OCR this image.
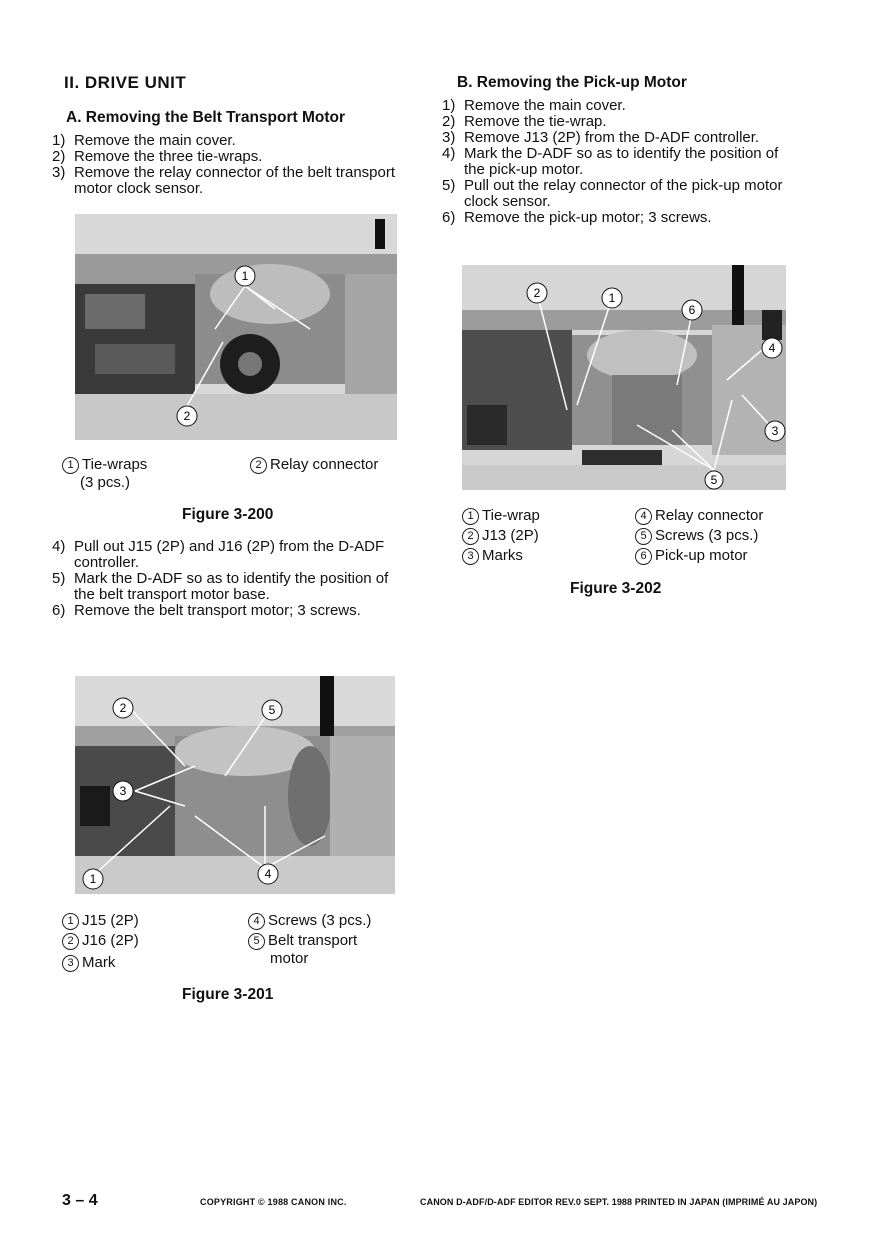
II. DRIVE UNIT
A. Removing the Belt Transport Motor
1) Remove the main cover.
2) Remove the three tie-wraps.
3) Remove the relay connector of the belt transport motor clock sensor.
1
2
1 Tie-wraps
(3 pcs.)
2 Relay connector
Figure 3-200
4) Pull out J15 (2P) and J16 (2P) from the D-ADF controller.
5) Mark the D-ADF so as to identify the position of the belt transport motor base.
6) Remove the belt transport motor; 3 screws.
2	5
3
1	4
1 J15 (2P)
2 J16 (2P)
3 Mark
4 Screws (3 pcs.)
5 Belt transport
motor
Figure 3-201
B. Removing the Pick-up Motor
1) Remove the main cover.
2) Remove the tie-wrap.
3) Remove J13 (2P) from the D-ADF controller.
4) Mark the D-ADF so as to identify the position of the pick-up motor.
5) Pull out the relay connector of the pick-up motor clock sensor.
6) Remove the pick-up motor; 3 screws.
2	1
6
4
3
5
1 Tie-wrap
2 J13 (2P)
3 Marks
4 Relay connector
5 Screws (3 pcs.)
6 Pick-up motor
Figure 3-202
3 – 4	COPYRIGHT © 1988 CANON INC.	CANON D-ADF/D-ADF EDITOR REV.0 SEPT. 1988 PRINTED IN JAPAN (IMPRIMÉ AU JAPON)
